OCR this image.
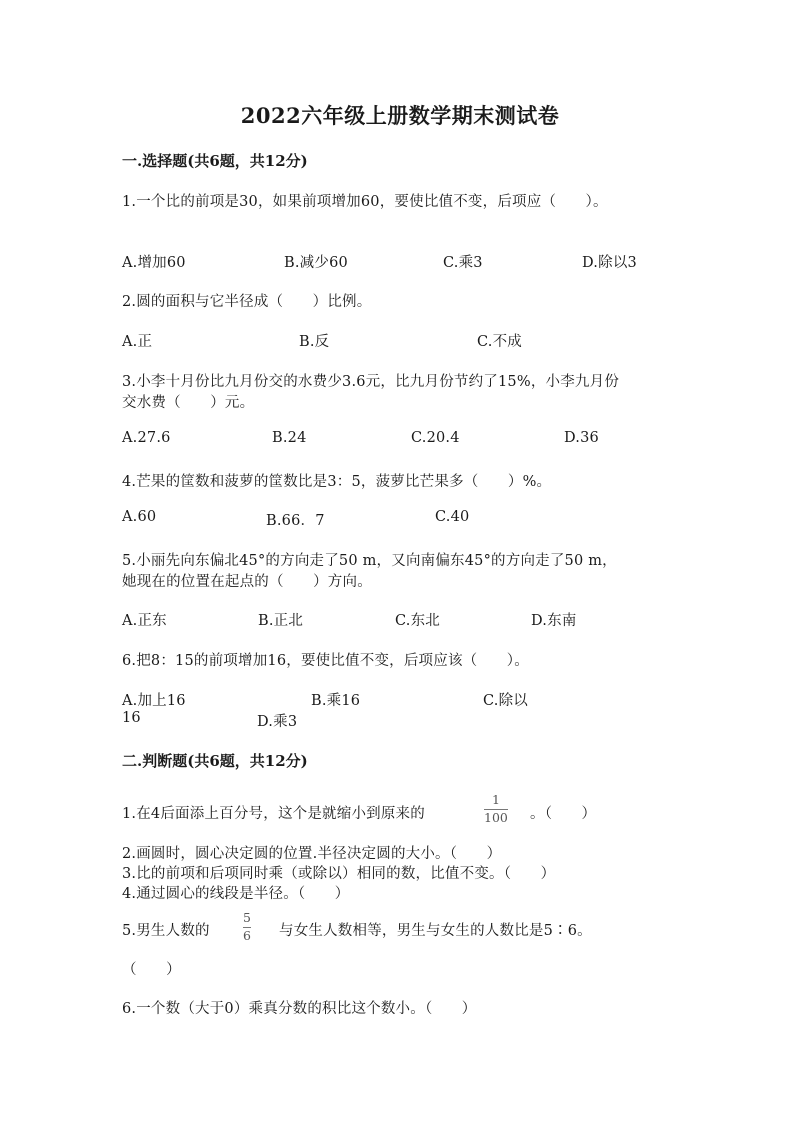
2022六年级上册数学期末测试卷
一.选择题(共6题，共12分)
1.一个比的前项是30，如果前项增加60，要使比值不变，后项应（　　）。
A.增加60	B.减少60	C.乘3	D.除以3
2.圆的面积与它半径成（　　）比例。
A.正	B.反	C.不成
3.小李十月份比九月份交的水费少3.6元，比九月份节约了15%，小李九月份
交水费（　　）元。
A.27.6	B.24	C.20.4	D.36
4.芒果的筐数和菠萝的筐数比是3：5，菠萝比芒果多（　　）%。
A.60	B.66．7	C.40
5.小丽先向东偏北45°的方向走了50 m，又向南偏东45°的方向走了50 m，
她现在的位置在起点的（　　）方向。
A.正东	B.正北	C.东北	D.东南
6.把8：15的前项增加16，要使比值不变，后项应该（　　）。
A.加上16	B.乘16	C.除以
16	D.乘3
二.判断题(共6题，共12分)
1.在4后面添上百分号，这个是就缩小到原来的
1
100 。（　　）
2.画圆时，圆心决定圆的位置.半径决定圆的大小。（　　）
3.比的前项和后项同时乘（或除以）相同的数，比值不变。（　　）
4.通过圆心的线段是半径。（　　）
5.男生人数的
5
6 与女生人数相等，男生与女生的人数比是5∶6。
（　　）
6.一个数（大于0）乘真分数的积比这个数小。（　　）
